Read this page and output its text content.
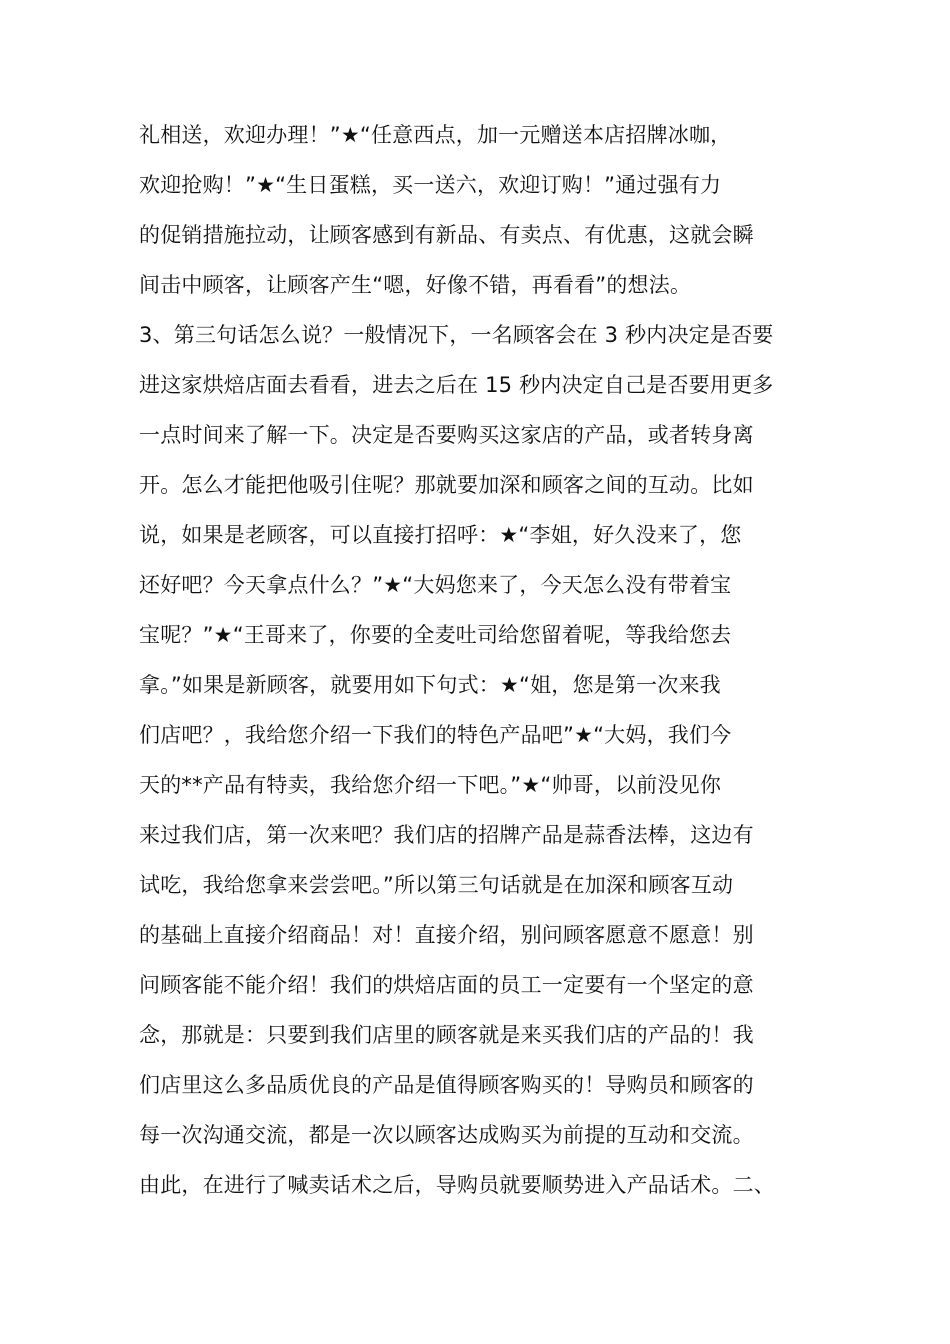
礼相送，欢迎办理！”★“任意西点，加一元赠送本店招牌冰咖，
欢迎抢购！”★“生日蛋糕，买一送六，欢迎订购！”通过强有力
的促销措施拉动，让顾客感到有新品、有卖点、有优惠，这就会瞬
间击中顾客，让顾客产生“嗯，好像不错，再看看”的想法。
3、第三句话怎么说？一般情况下，一名顾客会在 3 秒内决定是否要
进这家烘焙店面去看看，进去之后在 15 秒内决定自己是否要用更多
一点时间来了解一下。决定是否要购买这家店的产品，或者转身离
开。怎么才能把他吸引住呢？那就要加深和顾客之间的互动。比如
说，如果是老顾客，可以直接打招呼：★“李姐，好久没来了，您
还好吧？今天拿点什么？”★“大妈您来了，今天怎么没有带着宝
宝呢？”★“王哥来了，你要的全麦吐司给您留着呢，等我给您去
拿。”如果是新顾客，就要用如下句式：★“姐，您是第一次来我
们店吧？，我给您介绍一下我们的特色产品吧”★“大妈，我们今
天的**产品有特卖，我给您介绍一下吧。”★“帅哥，以前没见你
来过我们店，第一次来吧？我们店的招牌产品是蒜香法棒，这边有
试吃，我给您拿来尝尝吧。”所以第三句话就是在加深和顾客互动
的基础上直接介绍商品！对！直接介绍，别问顾客愿意不愿意！别
问顾客能不能介绍！我们的烘焙店面的员工一定要有一个坚定的意
念，那就是：只要到我们店里的顾客就是来买我们店的产品的！我
们店里这么多品质优良的产品是值得顾客购买的！导购员和顾客的
每一次沟通交流，都是一次以顾客达成购买为前提的互动和交流。
由此，在进行了喊卖话术之后，导购员就要顺势进入产品话术。二、
